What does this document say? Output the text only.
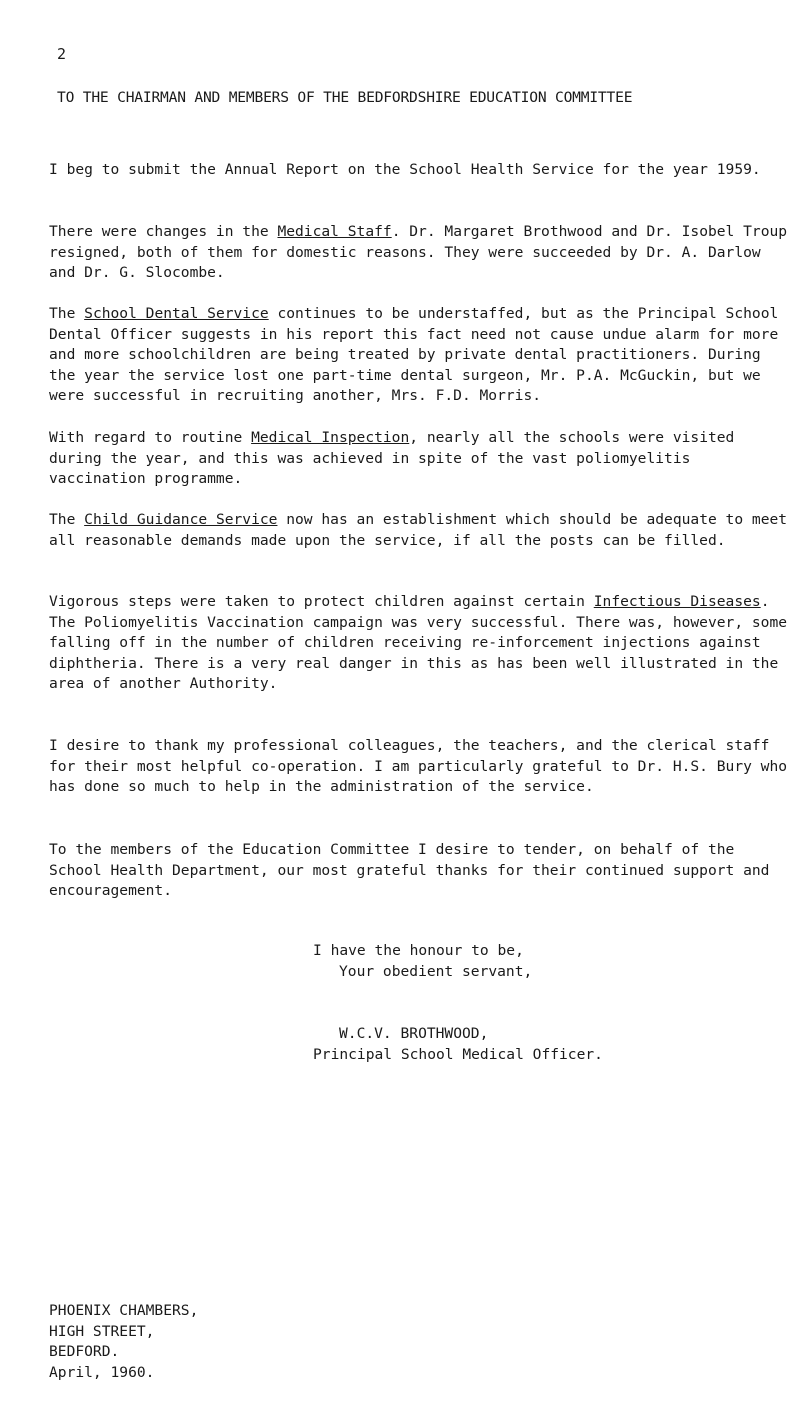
2
TO THE CHAIRMAN AND MEMBERS OF THE BEDFORDSHIRE EDUCATION COMMITTEE

I beg to submit the Annual Report on the School Health Service for the year 1959.

There were changes in the Medical Staff. Dr. Margaret Brothwood and Dr. Isobel Troup resigned, both of them for domestic reasons. They were succeeded by Dr. A. Darlow and Dr. G. Slocombe.

The School Dental Service continues to be understaffed, but as the Principal School Dental Officer suggests in his report this fact need not cause undue alarm for more and more schoolchildren are being treated by private dental practitioners. During the year the service lost one part-time dental surgeon, Mr. P.A. McGuckin, but we were successful in recruiting another, Mrs. F.D. Morris.

With regard to routine Medical Inspection, nearly all the schools were visited during the year, and this was achieved in spite of the vast poliomyelitis vaccination programme.

The Child Guidance Service now has an establishment which should be adequate to meet all reasonable demands made upon the service, if all the posts can be filled.

Vigorous steps were taken to protect children against certain Infectious Diseases. The Poliomyelitis Vaccination campaign was very successful. There was, however, some falling off in the number of children receiving re-inforcement injections against diphtheria. There is a very real danger in this as has been well illustrated in the area of another Authority.

I desire to thank my professional colleagues, the teachers, and the clerical staff for their most helpful co-operation. I am particularly grateful to Dr. H.S. Bury who has done so much to help in the administration of the service.

To the members of the Education Committee I desire to tender, on behalf of the School Health Department, our most grateful thanks for their continued support and encouragement.

I have the honour to be,
Your obedient servant,
W.C.V. BROTHWOOD,
Principal School Medical Officer.
PHOENIX CHAMBERS,
HIGH STREET,
BEDFORD.
April, 1960.
